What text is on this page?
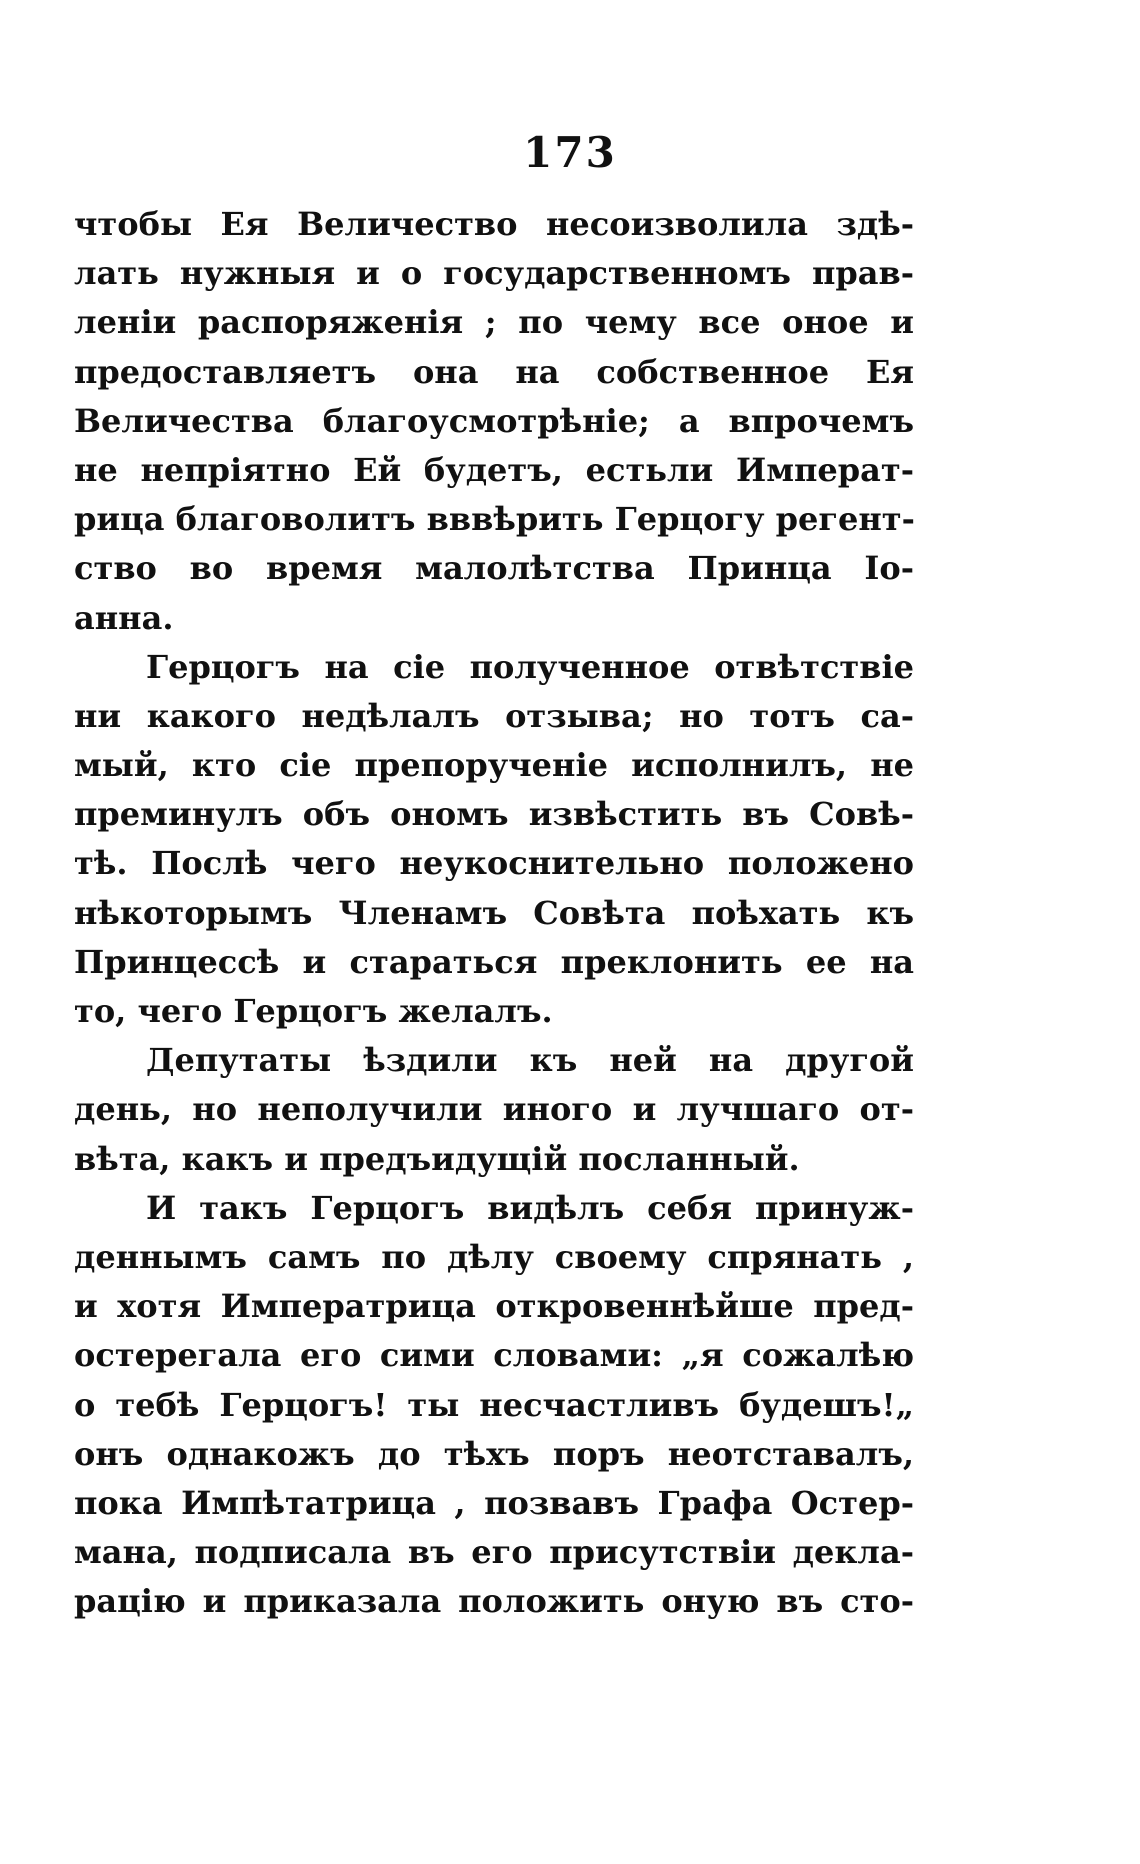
173
чтобы Ея Величество несоизволила здѣ-
лать нужныя и о государственномъ прав-
леніи распоряженія ; по чему все оное и
предоставляетъ она на собственное Ея
Величества благоусмотрѣніе; а впрочемъ
не непріятно Ей будетъ, естьли Императ-
рица благоволитъ вввѣрить Герцогу регент-
ство во время малолѣтства Принца Іо-
анна.
Герцогъ на сіе полученное отвѣтствіе
ни какого недѣлалъ отзыва; но тотъ са-
мый, кто сіе препорученіе исполнилъ, не
преминулъ объ ономъ извѣстить въ Совѣ-
тѣ. Послѣ чего неукоснительно положено
нѣкоторымъ Членамъ Совѣта поѣхать къ
Принцессѣ и стараться преклонить ее на
то, чего Герцогъ желалъ.
Депутаты ѣздили къ ней на другой
день, но неполучили иного и лучшаго от-
вѣта, какъ и предъидущій посланный.
И такъ Герцогъ видѣлъ себя принуж-
деннымъ самъ по дѣлу своему спрянать ,
и хотя Императрица откровеннѣйше пред-
остерегала его сими словами: „я сожалѣю
о тебѣ Герцогъ! ты несчастливъ будешъ!„
онъ однакожъ до тѣхъ поръ неотставалъ,
пока Импѣтатрица , позвавъ Графа Остер-
мана, подписала въ его присутствіи декла-
рацію и приказала положить оную въ сто-
